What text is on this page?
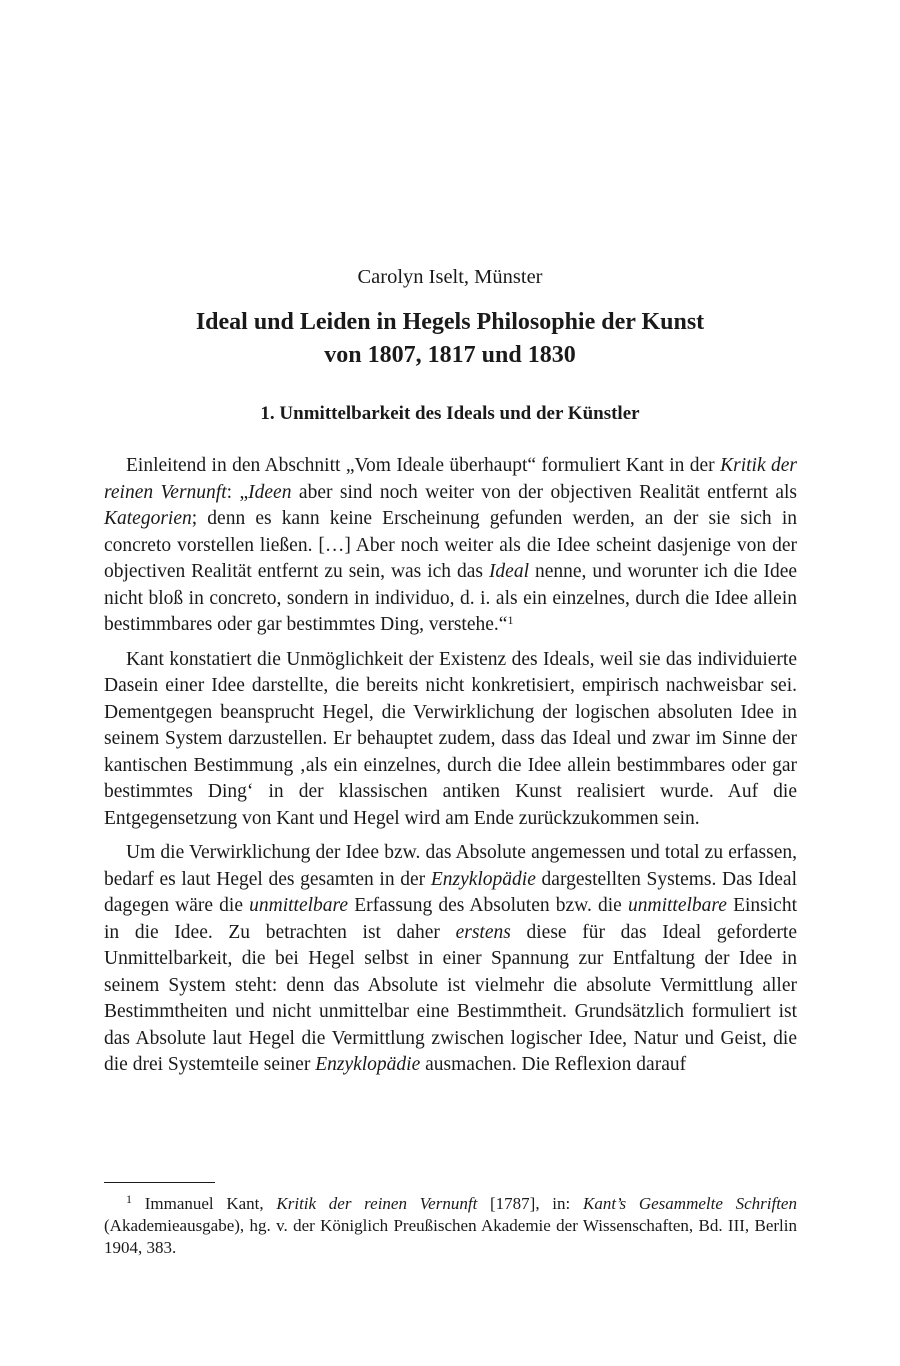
Carolyn Iselt, Münster
Ideal und Leiden in Hegels Philosophie der Kunst
von 1807, 1817 und 1830
1. Unmittelbarkeit des Ideals und der Künstler

Einleitend in den Abschnitt „Vom Ideale überhaupt“ formuliert Kant in der Kritik der reinen Vernunft: „Ideen aber sind noch weiter von der objectiven Realität entfernt als Kategorien; denn es kann keine Erscheinung gefunden werden, an der sie sich in concreto vorstellen ließen. […] Aber noch weiter als die Idee scheint dasjenige von der objectiven Realität entfernt zu sein, was ich das Ideal nenne, und worunter ich die Idee nicht bloß in concreto, sondern in individuo, d. i. als ein einzelnes, durch die Idee allein bestimmbares oder gar bestimmtes Ding, verstehe.“$^1$

Kant konstatiert die Unmöglichkeit der Existenz des Ideals, weil sie das individuierte Dasein einer Idee darstellte, die bereits nicht konkretisiert, empirisch nachweisbar sei. Dementgegen beansprucht Hegel, die Verwirklichung der logischen absoluten Idee in seinem System darzustellen. Er behauptet zudem, dass das Ideal und zwar im Sinne der kantischen Bestimmung ‚als ein einzelnes, durch die Idee allein bestimmbares oder gar bestimmtes Ding‘ in der klassischen antiken Kunst realisiert wurde. Auf die Entgegensetzung von Kant und Hegel wird am Ende zurückzukommen sein.

Um die Verwirklichung der Idee bzw. das Absolute angemessen und total zu erfassen, bedarf es laut Hegel des gesamten in der Enzyklopädie dargestellten Systems. Das Ideal dagegen wäre die unmittelbare Erfassung des Absoluten bzw. die unmittelbare Einsicht in die Idee. Zu betrachten ist daher erstens diese für das Ideal geforderte Unmittelbarkeit, die bei Hegel selbst in einer Spannung zur Entfaltung der Idee in seinem System steht: denn das Absolute ist vielmehr die absolute Vermittlung aller Bestimmtheiten und nicht unmittelbar eine Bestimmtheit. Grundsätzlich formuliert ist das Absolute laut Hegel die Vermittlung zwischen logischer Idee, Natur und Geist, die die drei Systemteile seiner Enzyklopädie ausmachen. Die Reflexion darauf

$^1$ Immanuel Kant, Kritik der reinen Vernunft [1787], in: Kant’s Gesammelte Schriften (Akademieausgabe), hg. v. der Königlich Preußischen Akademie der Wissenschaften, Bd. III, Berlin 1904, 383.
